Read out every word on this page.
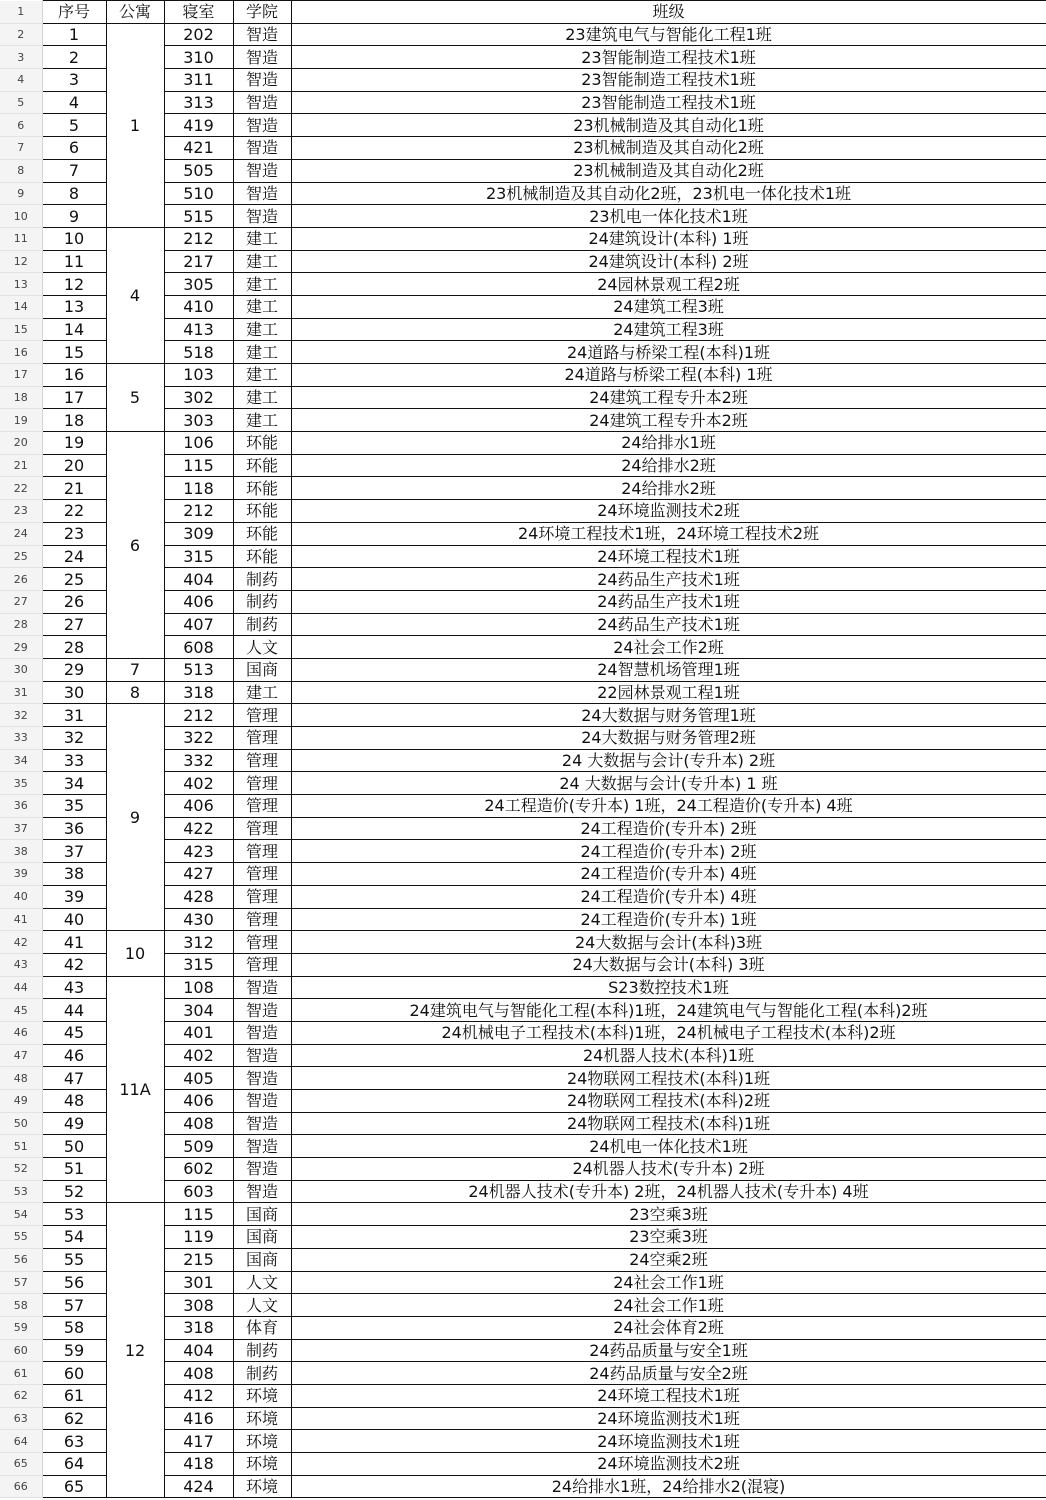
1	序号	公寓	寝室	学院	班级
2	1	1	202	智造	23建筑电气与智能化工程1班
3	2		310	智造	23智能制造工程技术1班
4	3		311	智造	23智能制造工程技术1班
5	4		313	智造	23智能制造工程技术1班
6	5		419	智造	23机械制造及其自动化1班
7	6		421	智造	23机械制造及其自动化2班
8	7		505	智造	23机械制造及其自动化2班
9	8		510	智造	23机械制造及其自动化2班，23机电一体化技术1班
10	9		515	智造	23机电一体化技术1班
11	10	4	212	建工	24建筑设计(本科) 1班
12	11		217	建工	24建筑设计(本科) 2班
13	12		305	建工	24园林景观工程2班
14	13		410	建工	24建筑工程3班
15	14		413	建工	24建筑工程3班
16	15		518	建工	24道路与桥梁工程(本科)1班
17	16	5	103	建工	24道路与桥梁工程(本科) 1班
18	17		302	建工	24建筑工程专升本2班
19	18		303	建工	24建筑工程专升本2班
20	19	6	106	环能	24给排水1班
21	20		115	环能	24给排水2班
22	21		118	环能	24给排水2班
23	22		212	环能	24环境监测技术2班
24	23		309	环能	24环境工程技术1班，24环境工程技术2班
25	24		315	环能	24环境工程技术1班
26	25		404	制药	24药品生产技术1班
27	26		406	制药	24药品生产技术1班
28	27		407	制药	24药品生产技术1班
29	28		608	人文	24社会工作2班
30	29	7	513	国商	24智慧机场管理1班
31	30	8	318	建工	22园林景观工程1班
32	31	9	212	管理	24大数据与财务管理1班
33	32		322	管理	24大数据与财务管理2班
34	33		332	管理	24 大数据与会计(专升本) 2班
35	34		402	管理	24 大数据与会计(专升本) 1 班
36	35		406	管理	24工程造价(专升本) 1班，24工程造价(专升本) 4班
37	36		422	管理	24工程造价(专升本) 2班
38	37		423	管理	24工程造价(专升本) 2班
39	38		427	管理	24工程造价(专升本) 4班
40	39		428	管理	24工程造价(专升本) 4班
41	40		430	管理	24工程造价(专升本) 1班
42	41	10	312	管理	24大数据与会计(本科)3班
43	42		315	管理	24大数据与会计(本科) 3班
44	43	11A	108	智造	S23数控技术1班
45	44		304	智造	24建筑电气与智能化工程(本科)1班，24建筑电气与智能化工程(本科)2班
46	45		401	智造	24机械电子工程技术(本科)1班，24机械电子工程技术(本科)2班
47	46		402	智造	24机器人技术(本科)1班
48	47		405	智造	24物联网工程技术(本科)1班
49	48		406	智造	24物联网工程技术(本科)2班
50	49		408	智造	24物联网工程技术(本科)1班
51	50		509	智造	24机电一体化技术1班
52	51		602	智造	24机器人技术(专升本) 2班
53	52		603	智造	24机器人技术(专升本) 2班，24机器人技术(专升本) 4班
54	53	12	115	国商	23空乘3班
55	54		119	国商	23空乘3班
56	55		215	国商	24空乘2班
57	56		301	人文	24社会工作1班
58	57		308	人文	24社会工作1班
59	58		318	体育	24社会体育2班
60	59		404	制药	24药品质量与安全1班
61	60		408	制药	24药品质量与安全2班
62	61		412	环境	24环境工程技术1班
63	62		416	环境	24环境监测技术1班
64	63		417	环境	24环境监测技术1班
65	64		418	环境	24环境监测技术2班
66	65		424	环境	24给排水1班，24给排水2(混寝)
